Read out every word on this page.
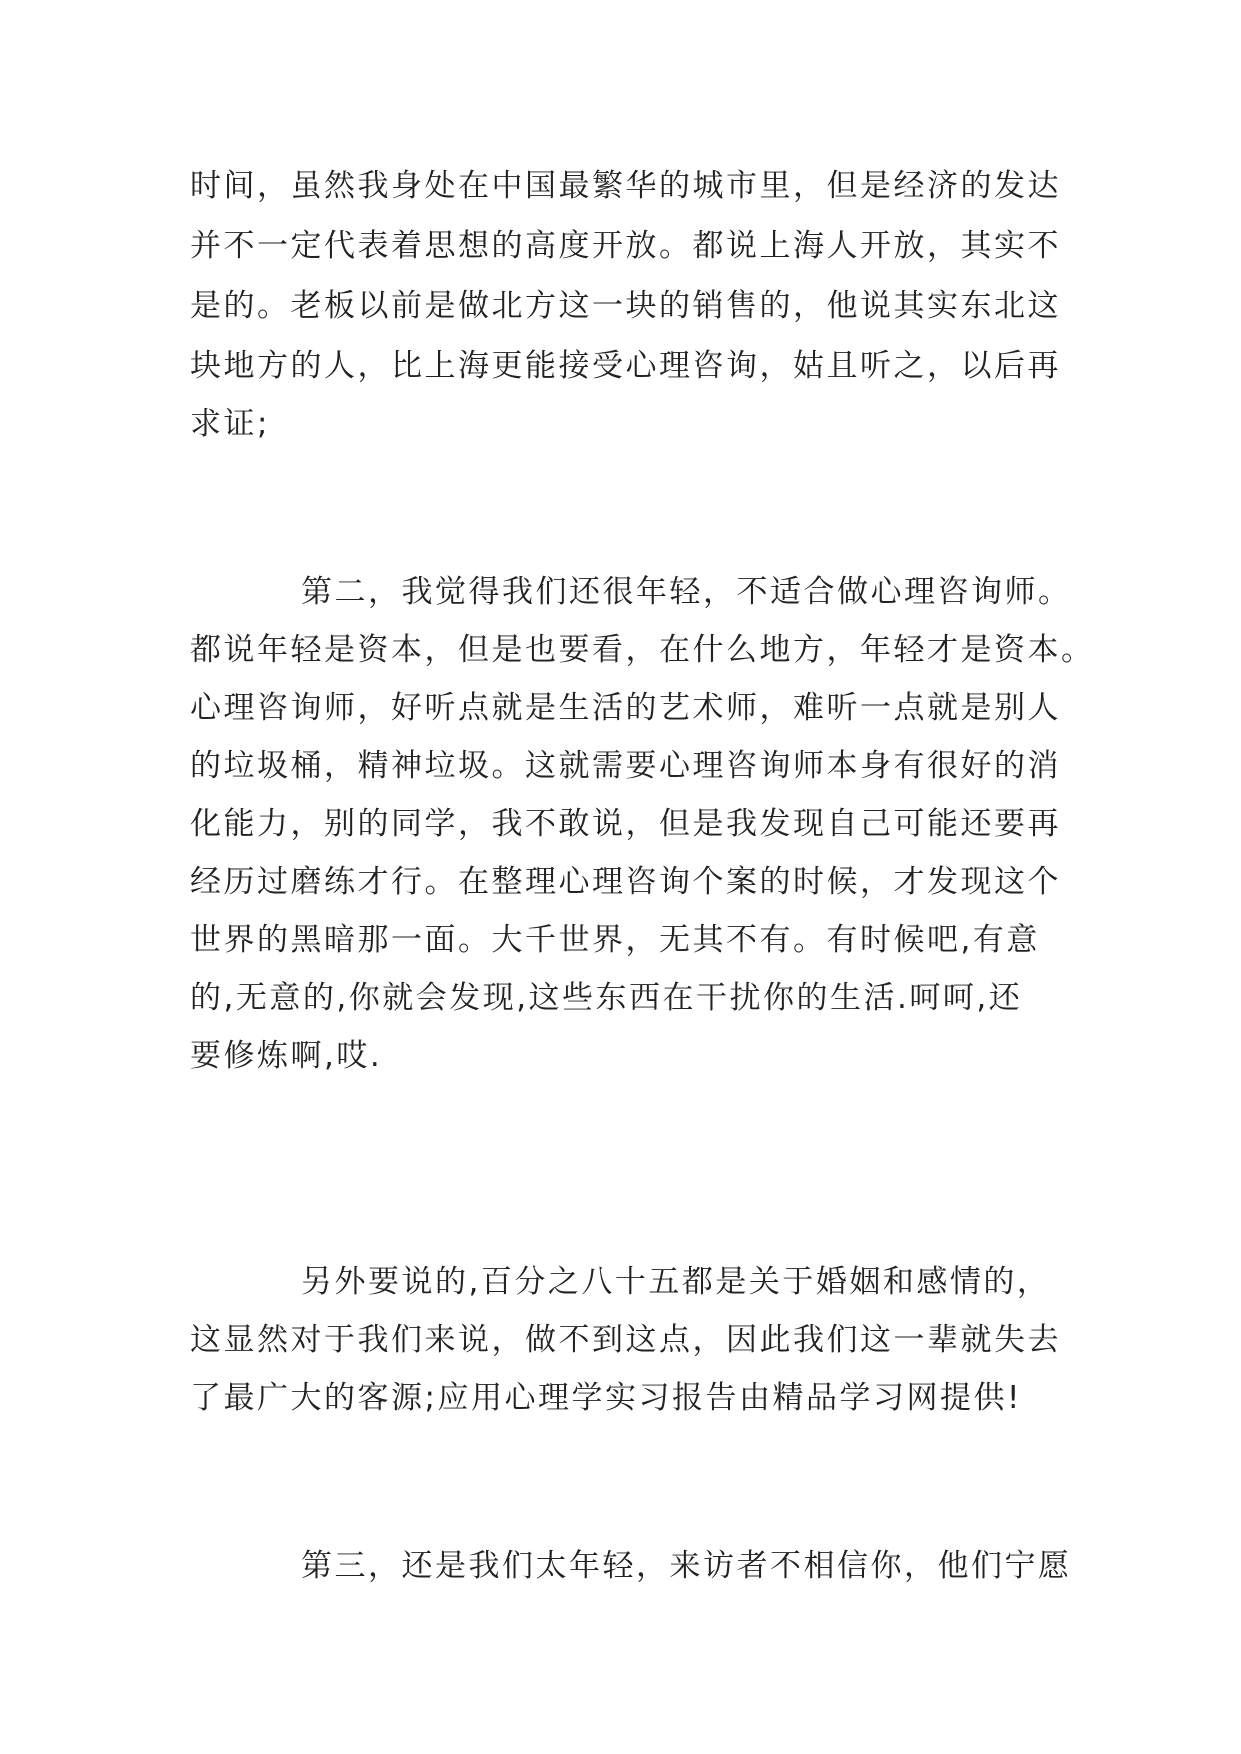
时间，虽然我身处在中国最繁华的城市里，但是经济的发达
并不一定代表着思想的高度开放。都说上海人开放，其实不
是的。老板以前是做北方这一块的销售的，他说其实东北这
块地方的人，比上海更能接受心理咨询，姑且听之，以后再
求证;
第二，我觉得我们还很年轻，不适合做心理咨询师。
都说年轻是资本，但是也要看，在什么地方，年轻才是资本。
心理咨询师，好听点就是生活的艺术师，难听一点就是别人
的垃圾桶，精神垃圾。这就需要心理咨询师本身有很好的消
化能力，别的同学，我不敢说，但是我发现自己可能还要再
经历过磨练才行。在整理心理咨询个案的时候，才发现这个
世界的黑暗那一面。大千世界，无其不有。有时候吧,有意
的,无意的,你就会发现,这些东西在干扰你的生活.呵呵,还
要修炼啊,哎.
另外要说的,百分之八十五都是关于婚姻和感情的，
这显然对于我们来说，做不到这点，因此我们这一辈就失去
了最广大的客源;应用心理学实习报告由精品学习网提供!
第三，还是我们太年轻，来访者不相信你，他们宁愿
